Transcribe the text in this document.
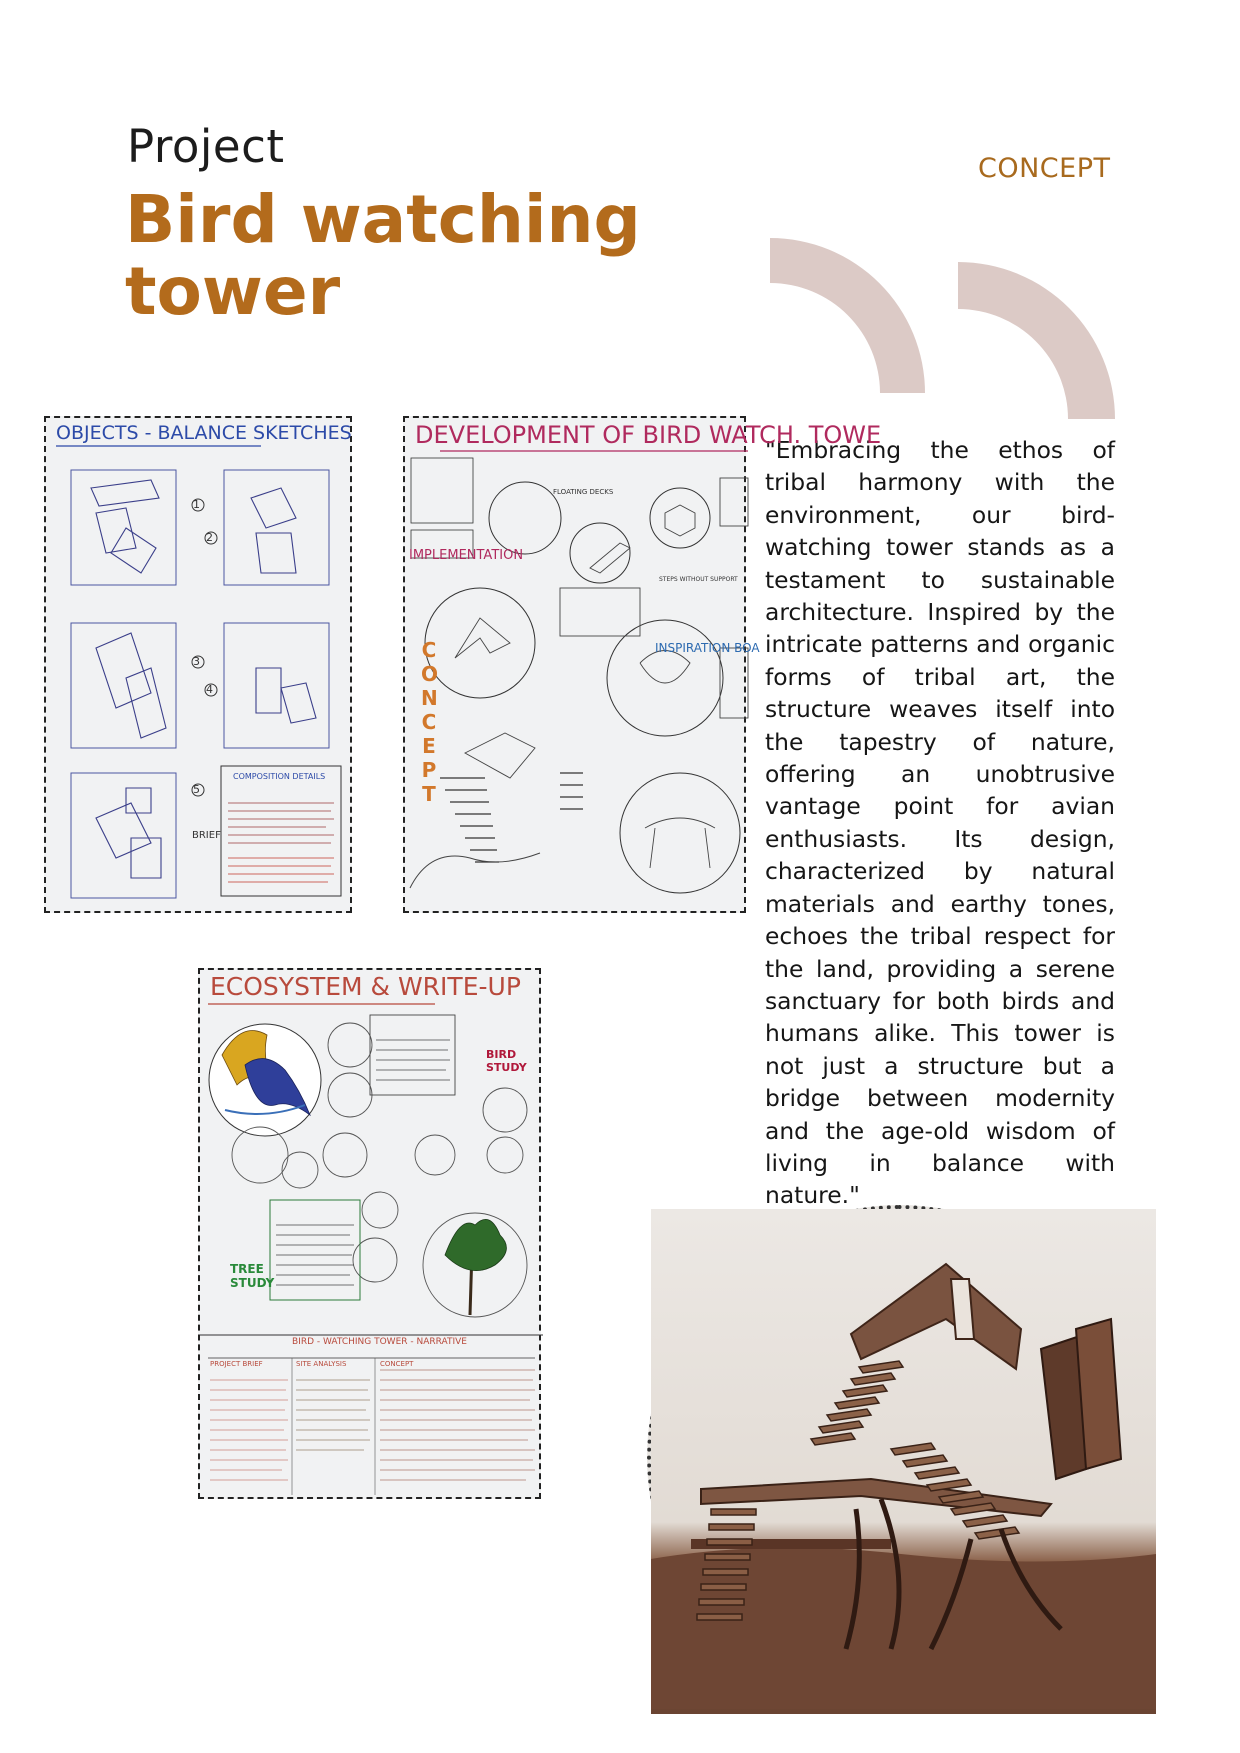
Project
Bird watching tower
CONCEPT
"Embracing the ethos of tribal harmony with the environment, our bird-watching tower stands as a testament to sustainable architecture. Inspired by the intricate patterns and organic forms of tribal art, the structure weaves itself into the tapestry of nature, offering an unobtrusive vantage point for avian enthusiasts. Its design, characterized by natural materials and earthy tones, echoes the tribal respect for the land, providing a serene sanctuary for both birds and humans alike. This tower is not just a structure but a bridge between modernity and the age-old wisdom of living in balance with nature."
OBJECTS - BALANCE SKETCHES
1
2
3
4
5
COMPOSITION DETAILS
BRIEF
DEVELOPMENT OF BIRD WATCH. TOWE
IMPLEMENTATION
INSPIRATION BOA
CONCEPT
FLOATING DECKS
STEPS WITHOUT SUPPORT
ECOSYSTEM & WRITE-UP
BIRD STUDY
TREE STUDY
BIRD - WATCHING TOWER - NARRATIVE
PROJECT BRIEF	SITE ANALYSIS	CONCEPT
